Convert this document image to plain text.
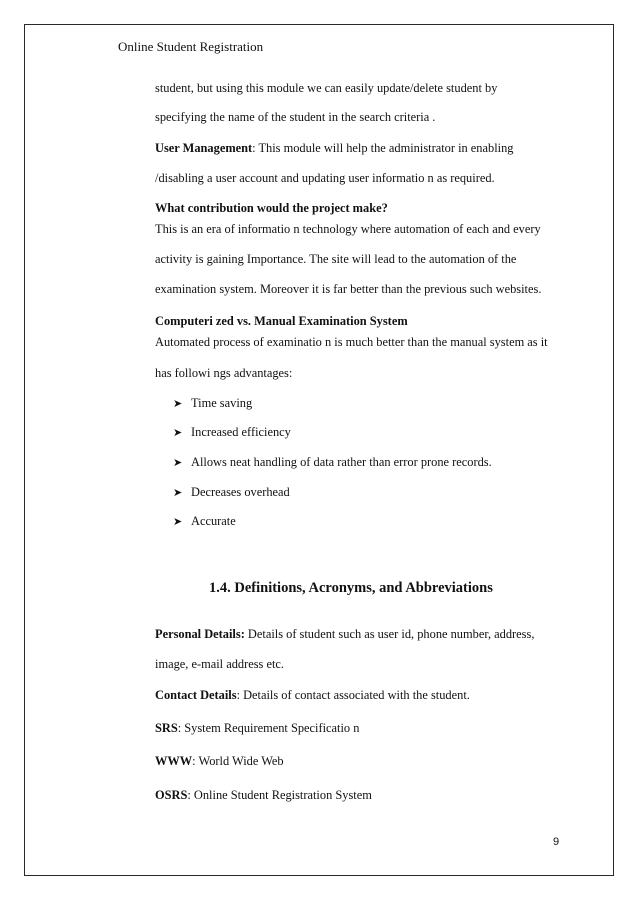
Online Student Registration
student, but using this module we can easily update/delete student by
specifying the name of the student in the search criteria .
User Management: This module will help the administrator in enabling
/disabling a user account and updating user informatio n as required.
What contribution would the project make?
This is an era of informatio n technology where automation of each and every
activity is gaining Importance. The site will lead to the automation of the
examination system. Moreover it is far better than the previous such websites.
Computeri zed vs. Manual Examination System
Automated process of examinatio n is much better than the manual system as it
has followi ngs advantages:
➤ Time saving
➤ Increased efficiency
➤ Allows neat handling of data rather than error prone records.
➤ Decreases overhead
➤ Accurate
1.4. Definitions, Acronyms, and Abbreviations
Personal Details: Details of student such as user id, phone number, address,
image, e-mail address etc.
Contact Details: Details of contact associated with the student.
SRS: System Requirement Specificatio n
WWW: World Wide Web
OSRS: Online Student Registration System
9
